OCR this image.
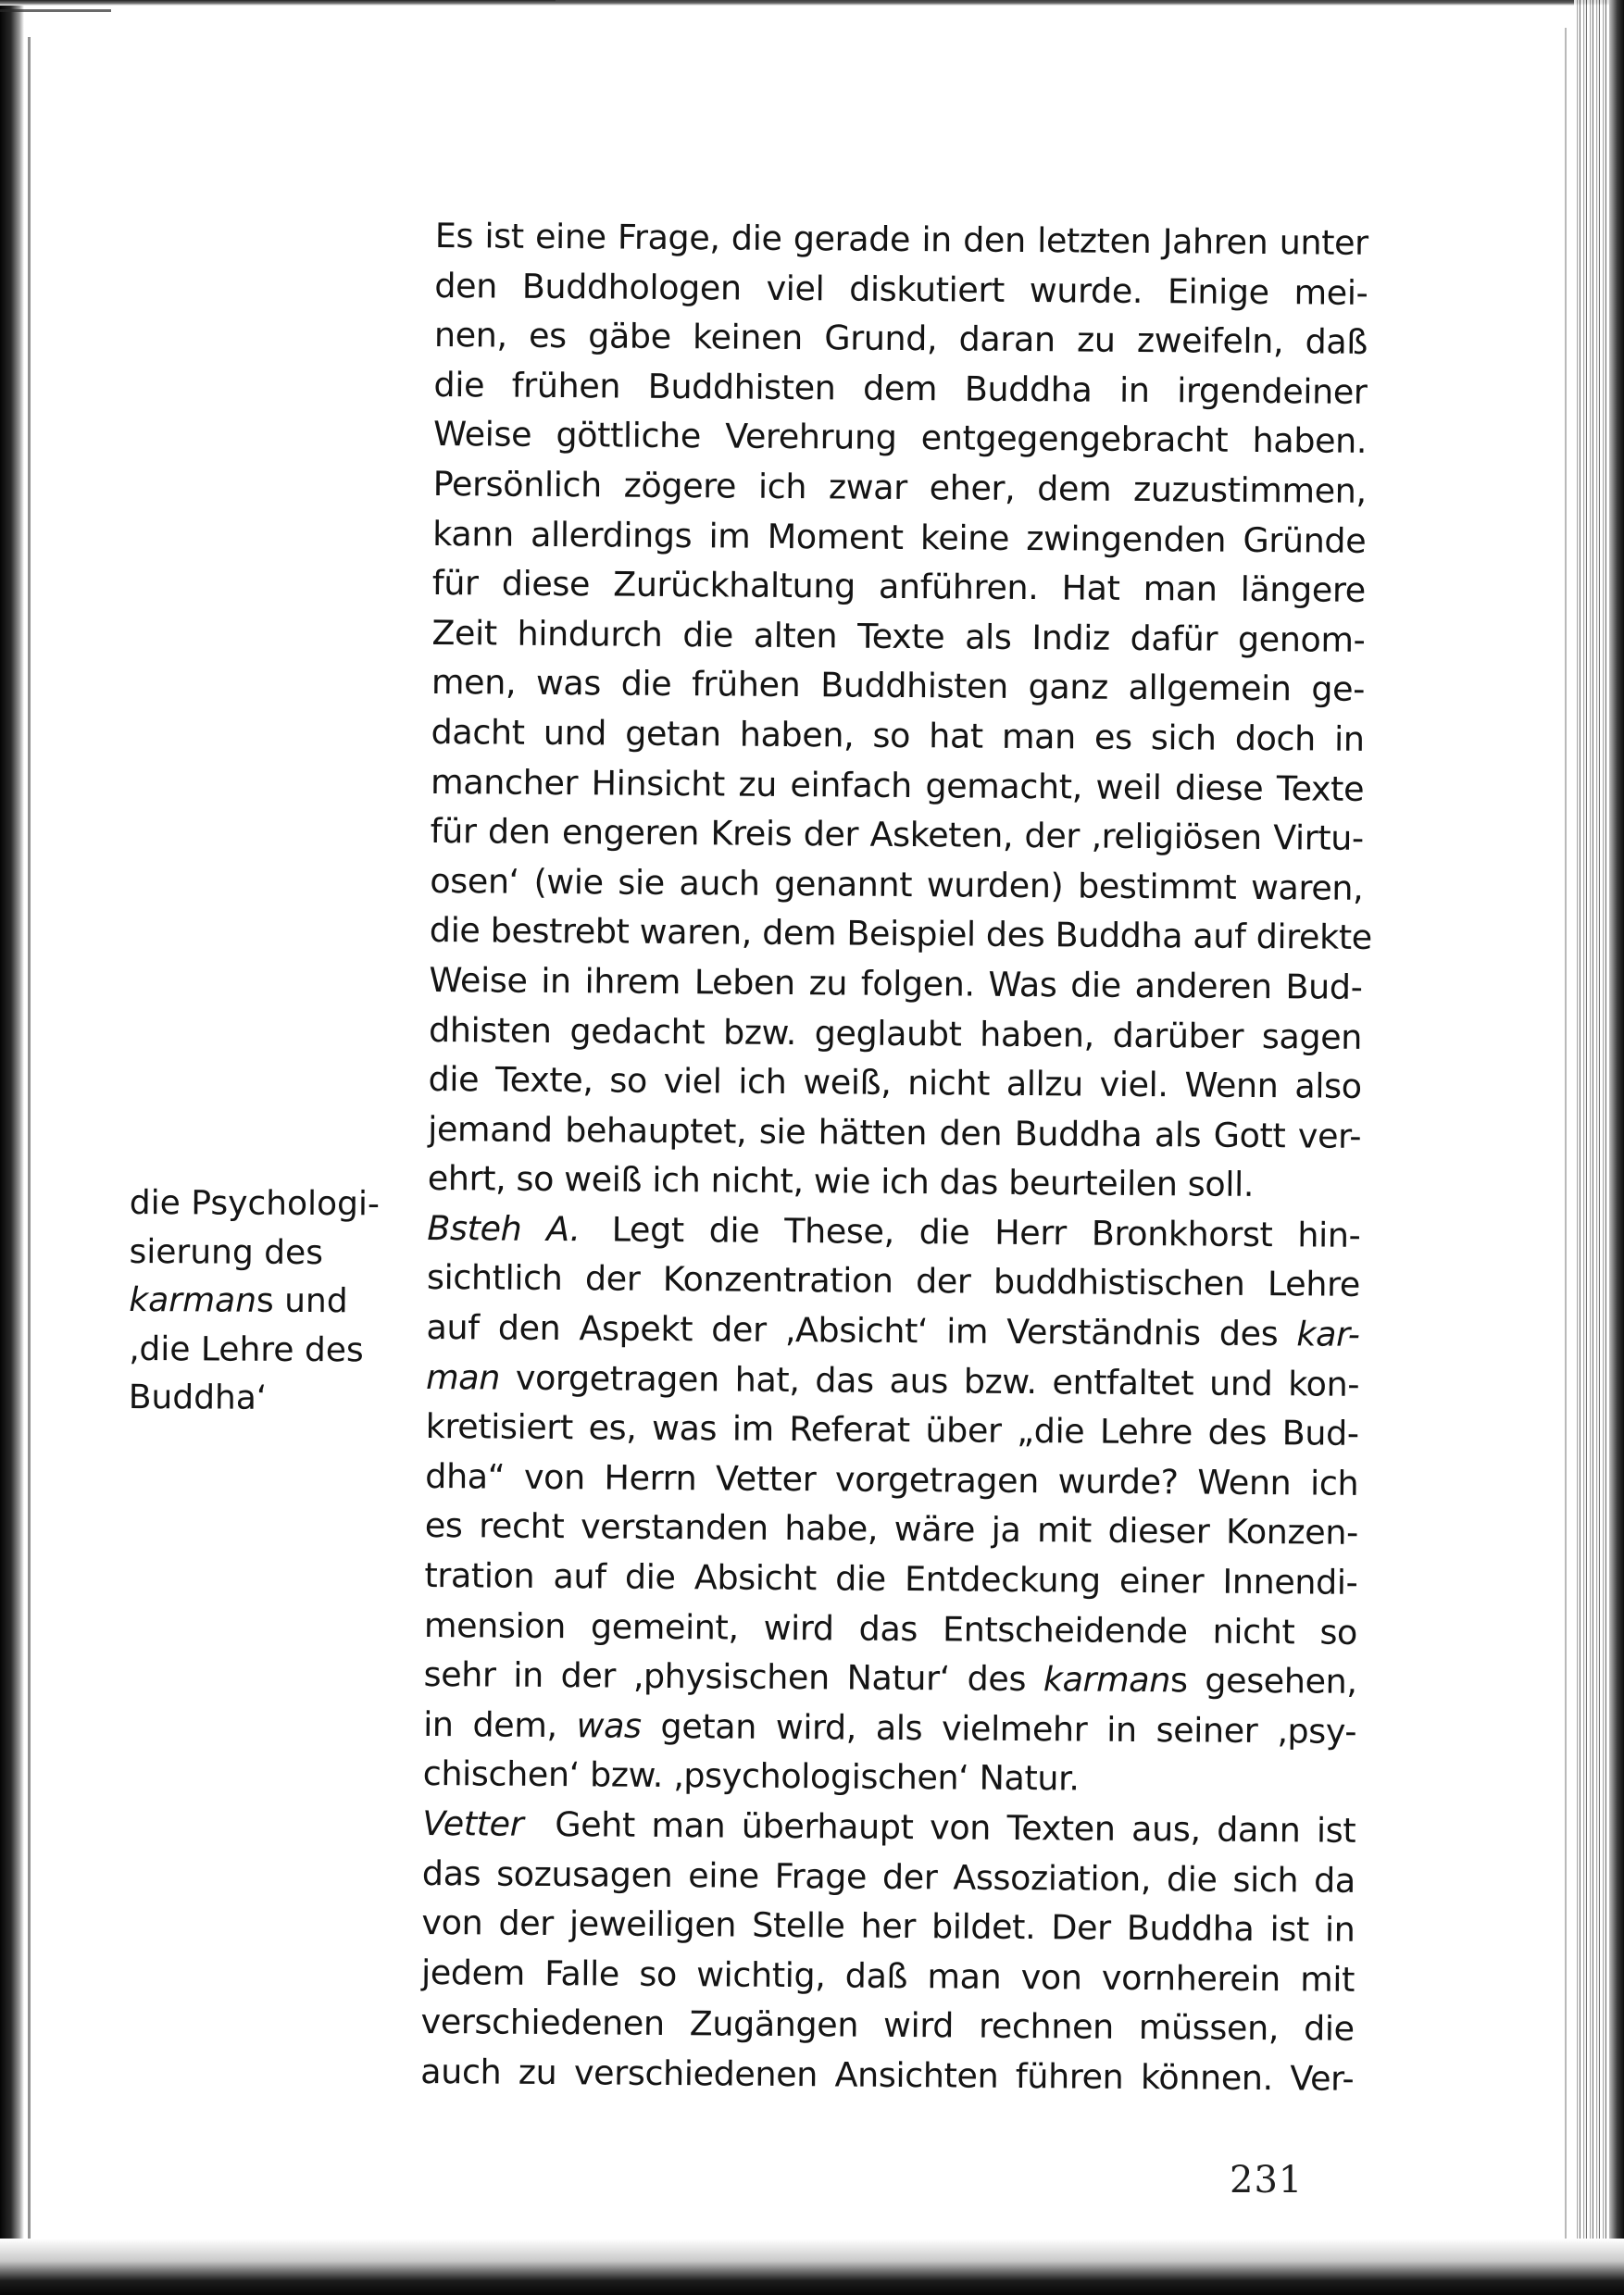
die Psychologi-
sierung des
karmans und
‚die Lehre des
Buddha‘
Es ist eine Frage, die gerade in den letzten Jahren unter
den Buddhologen viel diskutiert wurde. Einige mei-
nen, es gäbe keinen Grund, daran zu zweifeln, daß
die frühen Buddhisten dem Buddha in irgendeiner
Weise göttliche Verehrung entgegengebracht haben.
Persönlich zögere ich zwar eher, dem zuzustimmen,
kann allerdings im Moment keine zwingenden Gründe
für diese Zurückhaltung anführen. Hat man längere
Zeit hindurch die alten Texte als Indiz dafür genom-
men, was die frühen Buddhisten ganz allgemein ge-
dacht und getan haben, so hat man es sich doch in
mancher Hinsicht zu einfach gemacht, weil diese Texte
für den engeren Kreis der Asketen, der ‚religiösen Virtu-
osen‘ (wie sie auch genannt wurden) bestimmt waren,
die bestrebt waren, dem Beispiel des Buddha auf direkte
Weise in ihrem Leben zu folgen. Was die anderen Bud-
dhisten gedacht bzw. geglaubt haben, darüber sagen
die Texte, so viel ich weiß, nicht allzu viel. Wenn also
jemand behauptet, sie hätten den Buddha als Gott ver-
ehrt, so weiß ich nicht, wie ich das beurteilen soll.
Bsteh A. Legt die These, die Herr Bronkhorst hin-
sichtlich der Konzentration der buddhistischen Lehre
auf den Aspekt der ‚Absicht‘ im Verständnis des kar-
man vorgetragen hat, das aus bzw. entfaltet und kon-
kretisiert es, was im Referat über „die Lehre des Bud-
dha“ von Herrn Vetter vorgetragen wurde? Wenn ich
es recht verstanden habe, wäre ja mit dieser Konzen-
tration auf die Absicht die Entdeckung einer Innendi-
mension gemeint, wird das Entscheidende nicht so
sehr in der ‚physischen Natur‘ des karmans gesehen,
in dem, was getan wird, als vielmehr in seiner ‚psy-
chischen‘ bzw. ‚psychologischen‘ Natur.
Vetter Geht man überhaupt von Texten aus, dann ist
das sozusagen eine Frage der Assoziation, die sich da
von der jeweiligen Stelle her bildet. Der Buddha ist in
jedem Falle so wichtig, daß man von vornherein mit
verschiedenen Zugängen wird rechnen müssen, die
auch zu verschiedenen Ansichten führen können. Ver-
231
